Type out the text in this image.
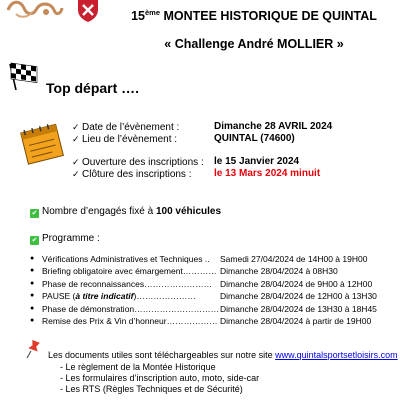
15ème MONTEE HISTORIQUE DE QUINTAL
« Challenge André MOLLIER »
Top départ ….
✓ Date de l’évènement :	Dimanche 28 AVRIL 2024
✓ Lieu de l’évènement :	QUINTAL (74600)
✓ Ouverture des inscriptions : le 15 Janvier 2024
✓ Clôture des inscriptions : le 13 Mars 2024 minuit
✔ Nombre d’engagés fixé à 100 véhicules
✔ Programme :
● Vérifications Administratives et Techniques .. Samedi 27/04/2024 de 14H00 à 19H00
● Briefing obligatoire avec émargement………… Dimanche 28/04/2024 à 08H30
● Phase de reconnaissances…………………… Dimanche 28/04/2024 de 9H00 à 12H00
● PAUSE (à titre indicatif)…………………	Dimanche 28/04/2024 de 12H00 à 13H30
● Phase de démonstration………………………… Dimanche 28/04/2024 de 13H30 à 18H45
● Remise des Prix & Vin d’honneur……………… Dimanche 28/04/2024 à partir de 19H00
Les documents utiles sont téléchargeables sur notre site www.quintalsportsetloisirs.com
- Le règlement de la Montée Historique
- Les formulaires d’inscription auto, moto, side-car
- Les RTS (Règles Techniques et de Sécurité)
